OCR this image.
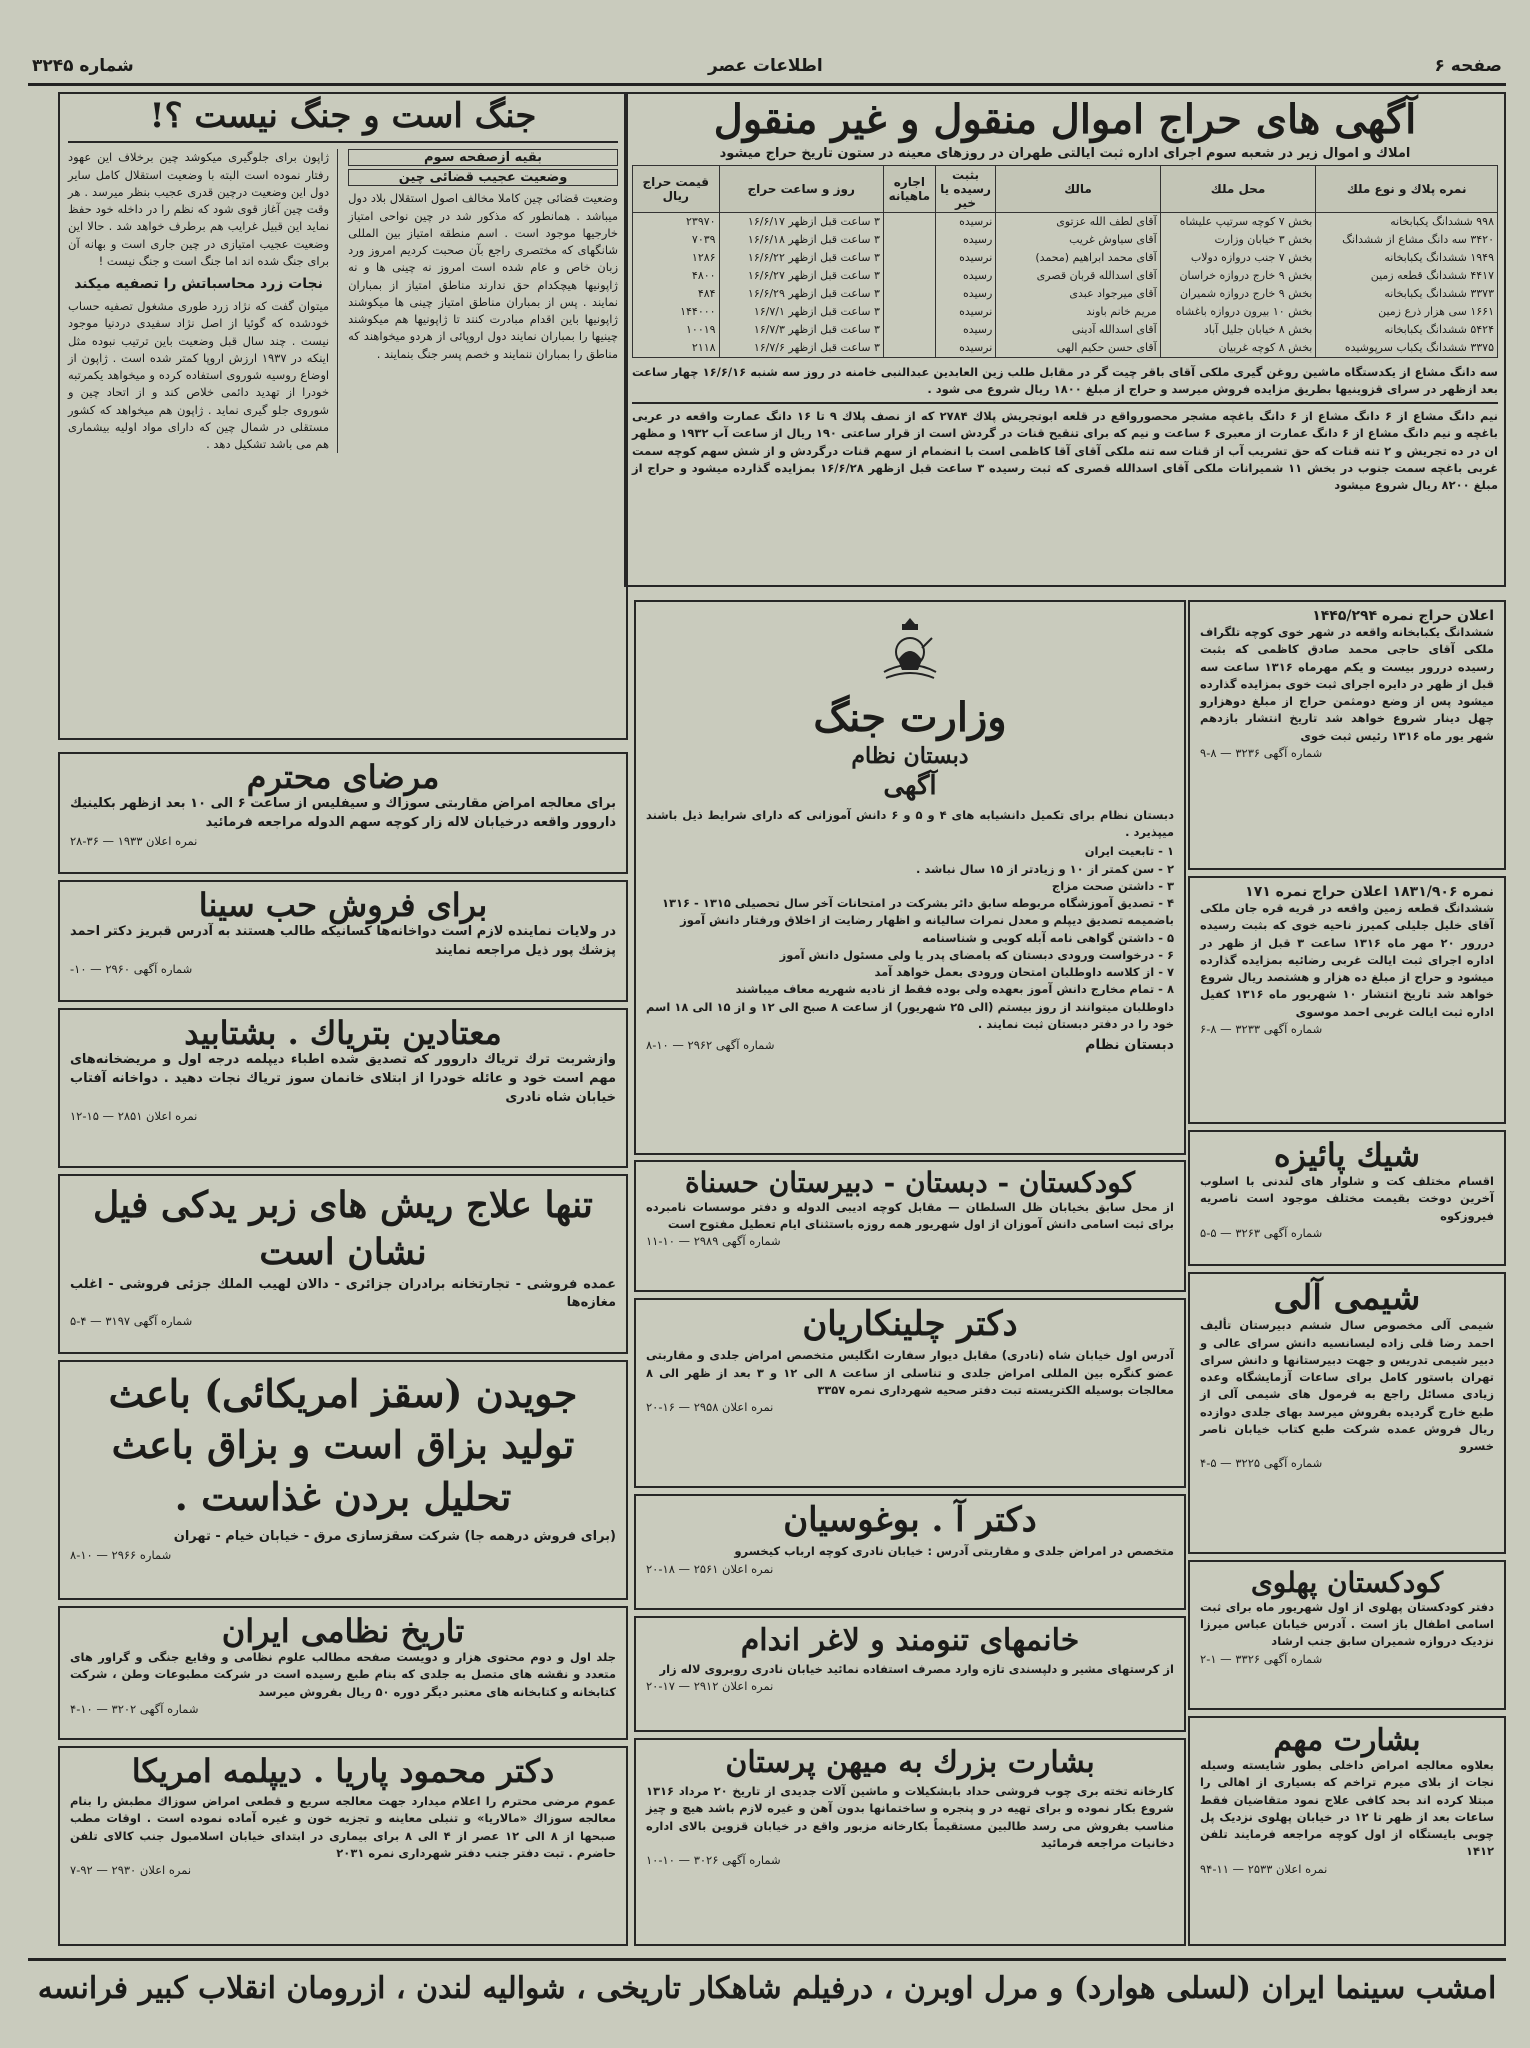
صفحه ۶
اطلاعات عصر
شماره ۳۲۴۵
آگهی های حراج اموال منقول و غیر منقول
املاك و اموال زیر در شعبه سوم اجرای اداره ثبت ایالتی طهران در روزهای معینه در ستون تاریخ حراج میشود
نمره پلاك و نوع ملك	محل ملك	مالك	بثبت رسیده یا خیر	اجاره ماهیانه	روز و ساعت حراج	قیمت حراج ریال
۹۹۸ ششدانگ یکبابخانه	بخش ۷ کوچه سرتیپ علیشاه	آقای لطف الله عزتوی	نرسیده		۳ ساعت قبل ازظهر ۱۶/۶/۱۷	۲۳۹۷۰
۳۴۲۰ سه دانگ مشاع از ششدانگ	بخش ۳ خیابان وزارت	آقای سیاوش غریب	رسیده		۳ ساعت قبل ازظهر ۱۶/۶/۱۸	۷۰۳۹
۱۹۴۹ ششدانگ یکبابخانه	بخش ۷ جنب دروازه دولاب	آقای محمد ابراهیم (محمد)	نرسیده		۳ ساعت قبل ازظهر ۱۶/۶/۲۲	۱۲۸۶
۴۴۱۷ ششدانگ قطعه زمین	بخش ۹ خارج دروازه خراسان	آقای اسدالله قربان قصری	رسیده		۳ ساعت قبل ازظهر ۱۶/۶/۲۷	۴۸۰۰
۳۳۷۳ ششدانگ یکبابخانه	بخش ۹ خارج دروازه شمیران	آقای میرجواد عبدی	رسیده		۳ ساعت قبل ازظهر ۱۶/۶/۲۹	۴۸۴
۱۶۶۱ سی هزار ذرع زمین	بخش ۱۰ بیرون دروازه باغشاه	مریم خانم باوند	نرسیده		۳ ساعت قبل ازظهر ۱۶/۷/۱	۱۴۴۰۰۰
۵۴۲۴ ششدانگ یکبابخانه	بخش ۸ خیابان جلیل آباد	آقای اسدالله آدینی	رسیده		۳ ساعت قبل ازظهر ۱۶/۷/۳	۱۰۰۱۹
۳۳۷۵ ششدانگ یکباب سرپوشیده	بخش ۸ کوچه غربیان	آقای حسن حکیم الهی	نرسیده		۳ ساعت قبل ازظهر ۱۶/۷/۶	۲۱۱۸
سه دانگ مشاع از یکدستگاه ماشین روغن گیری ملکی آقای باقر چیت گر در مقابل طلب زین العابدین عبدالنبی خامنه در روز سه شنبه ۱۶/۶/۱۶ چهار ساعت بعد ازظهر در سرای قزوینیها بطریق مزایده فروش میرسد و حراج از مبلغ ۱۸۰۰ ریال شروع می شود .
نیم دانگ مشاع از ۶ دانگ مشاع از ۶ دانگ باغچه مشجر محصورواقع در قلعه ابوتجریش پلاك ۲۷۸۴ که از نصف پلاك ۹ تا ۱۶ دانگ عمارت واقعه در عربی باغچه و نیم دانگ مشاع از ۶ دانگ عمارت از معبری ۶ ساعت و نیم که برای تنقیح قنات در گردش است از قرار ساعتی ۱۹۰ ریال از ساعت آب ۱۹۳۲ و مظهر ان در ده تجریش و ۲ تنه قنات که حق تشریب آب از قنات سه تنه ملکی آقای آقا کاظمی است با انضمام از سهم قنات درگردش و از شش سهم کوچه سمت غربی باغچه سمت جنوب در بخش ۱۱ شمیرانات ملکی آقای اسدالله قصری که ثبت رسیده ۳ ساعت قبل ازظهر ۱۶/۶/۲۸ بمزایده گذارده میشود و حراج از مبلغ ۸۲۰۰ ریال شروع میشود
جنگ است و جنگ نیست ؟!
بقیه ازصفحه سوم
وضعیت عجیب قضائی چین

وضعیت قضائی چین کاملا مخالف اصول استقلال بلاد دول میباشد . همانطور که مذکور شد در چین نواحی امتیاز خارجیها موجود است . اسم منطقه امتیاز بین المللی شانگهای که مختصری راجع بآن صحبت کردیم امروز ورد زبان خاص و عام شده است امروز نه چینی ها و نه ژاپونیها هیچکدام حق ندارند مناطق امتیاز از بمباران نمایند . پس از بمباران مناطق امتیاز چینی ها میکوشند ژاپونیها باین اقدام مبادرت کنند تا ژاپونیها هم میکوشند چینیها را بمباران نمایند دول اروپائی از هردو میخواهند که مناطق را بمباران ننمایند و خصم پسر جنگ بنمایند .

ژاپون برای جلوگیری میکوشد چین برخلاف این عهود رفتار نموده است البته با وضعیت استقلال کامل سایر دول این وضعیت درچین قدری عجیب بنظر میرسد . هر وقت چین آغاز قوی شود که نظم را در داخله خود حفظ نماید این قبیل غرایب هم برطرف خواهد شد . حالا این وضعیت عجیب امتیازی در چین جاری است و بهانه آن برای جنگ شده اند اما جنگ است و جنگ نیست !

نجات زرد محاسباتش را تصفیه میکند

میتوان گفت که نژاد زرد طوری مشغول تصفیه حساب خودشده که گوئیا از اصل نژاد سفیدی دردنیا موجود نیست . چند سال قبل وضعیت باین ترتیب نبوده مثل اینکه در ۱۹۳۷ ارزش اروپا کمتر شده است . ژاپون از اوضاع روسیه شوروی استفاده کرده و میخواهد یکمرتبه خودرا از تهدید دائمی خلاص کند و از اتحاد چین و شوروی جلو گیری نماید . ژاپون هم میخواهد که کشور مستقلی در شمال چین که دارای مواد اولیه بیشماری هم می باشد تشکیل دهد .

مرضای محترم

برای معالجه امراض مقاربتی سوزاك و سیفلیس از ساعت ۶ الی ۱۰ بعد ازظهر بکلینیك داروور واقعه درخیابان لاله زار کوچه سهم الدوله مراجعه فرمائید

نمره اعلان ۱۹۳۳ — ۳۶-۲۸

برای فروش حب سینا

در ولایات نماینده لازم است دواخانه‌ها کسانیکه طالب هستند به آدرس قبریز دکتر احمد پزشك پور ذیل مراجعه نمایند

شماره آگهی ۲۹۶۰ — ۱۰-

معتادین بتریاك . بشتابید

وازشربت ترك تریاك داروور که تصدیق شده اطباء دیپلمه درجه اول و مریضخانه‌های مهم است خود و عائله خودرا از ابتلای خانمان سوز تریاك نجات دهید . دواخانه آفتاب خیابان شاه نادری

نمره اعلان ۲۸۵۱ — ۱۵-۱۲

تنها علاج ریش های زبر یدکی فیل نشان است

عمده فروشی - تجارتخانه برادران جزائری - دالان لهیب الملك جزئی فروشی - اغلب مغازه‌ها

شماره آگهی ۳۱۹۷ — ۴-۵

جویدن (سقز امریکائی) باعث تولید بزاق است و بزاق باعث تحلیل بردن غذاست .

(برای فروش درهمه جا) شرکت سقزسازی مرق - خیابان خیام - تهران

شماره ۲۹۶۶ — ۱۰-۸

تاریخ نظامی ایران

جلد اول و دوم محتوی هزار و دویست صفحه مطالب علوم نظامی و وقایع جنگی و گراور های متعدد و نقشه های متصل به جلدی که بنام طبع رسیده است در شرکت مطبوعات وطن ، شرکت کتابخانه و کتابخانه های معتبر دیگر دوره ۵۰ ریال بفروش میرسد

شماره آگهی ۳۲۰۲ — ۱۰-۴

دکتر محمود پاریا . دیپلمه امریکا

عموم مرضی محترم را اعلام میدارد جهت معالجه سریع و قطعی امراض سوزاك مطبش را بنام معالجه سوزاك «مالاریا» و تنبلی معاینه و تجزیه خون و غیره آماده نموده است . اوقات مطب صبحها از ۸ الی ۱۲ عصر از ۴ الی ۸ برای بیماری در ابتدای خیابان اسلامبول جنب کالای تلفن حاضرم . تبت دفتر جنب دفتر شهرداری نمره ۲۰۳۱

نمره اعلان ۲۹۳۰ — ۹۲-۷

وزارت جنگ
دبستان نظام
آگهی

دبستان نظام برای تکمیل دانشیابه های ۴ و ۵ و ۶ دانش آموزانی که دارای شرایط ذیل باشند میپذیرد .

۱ - تابعیت ایران
۲ - سن کمتر از ۱۰ و زیادتر از ۱۵ سال نباشد .
۳ - داشتن صحت مزاج
۴ - تصدیق آموزشگاه مربوطه سابق دائر بشرکت در امتحانات آخر سال تحصیلی ۱۳۱۵ - ۱۳۱۶
باضمیمه تصدیق دیپلم و معدل نمرات سالیانه و اظهار رضایت از اخلاق ورفتار دانش آموز
۵ - داشتن گواهی نامه آبله کوبی و شناسنامه
۶ - درخواست ورودی دبستان که بامضای پدر یا ولی مسئول دانش آموز
۷ - از کلاسه داوطلبان امتحان ورودی بعمل خواهد آمد
۸ - تمام مخارج دانش آموز بعهده ولی بوده فقط از نادیه شهریه معاف میباشند
داوطلبان میتوانند از روز بیستم (الی ۲۵ شهریور) از ساعت ۸ صبح الی ۱۲ و از ۱۵ الی ۱۸ اسم خود را در دفتر دبستان ثبت نمایند .
دبستان نظام
شماره آگهی ۲۹۶۲ — ۱۰-۸
کودکستان - دبستان - دبیرستان حسناة

از محل سابق بخیابان ظل السلطان — مقابل کوچه ادیبی الدوله و دفتر موسسات نامبرده برای ثبت اسامی دانش آموزان از اول شهریور همه روزه باستثنای ایام تعطیل مفتوح است

شماره آگهی ۲۹۸۹ — ۱۰-۱۱

دکتر چلینکاریان

آدرس اول خیابان شاه (نادری) مقابل دیوار سفارت انگلیس متخصص امراض جلدی و مقاربتی عضو کنگره بین المللی امراض جلدی و تناسلی از ساعت ۸ الی ۱۲ و ۳ بعد از ظهر الی ۸ معالجات بوسیله الکتریسته تبت دفتر صحیه شهرداری نمره ۳۳۵۷

نمره اعلان ۲۹۵۸ — ۱۶-۲۰

دکتر آ . بوغوسیان

متخصص در امراض جلدی و مقاربتی آدرس : خیابان نادری کوچه ارباب کیخسرو

نمره اعلان ۲۵۶۱ — ۱۸-۲۰

خانمهای تنومند و لاغر اندام

از کرستهای مشیر و دلپسندی تازه وارد مصرف استفاده نمائید خیابان نادری روبروی لاله زار

نمره اعلان ۲۹۱۲ — ۱۷-۲۰

بشارت بزرك به میهن پرستان

کارخانه تخته بری چوب فروشی حداد بابشکیلات و ماشین آلات جدیدی از تاریخ ۲۰ مرداد ۱۳۱۶ شروع بکار نموده و برای تهیه در و پنجره و ساختمانها بدون آهن و غیره لازم باشد هیچ و چیز مناسب بفروش می رسد طالبین مستقیماً بکارخانه مزبور واقع در خیابان قزوین بالای اداره دخانیات مراجعه فرمائید

شماره آگهی ۳۰۲۶ — ۱۰-۱۰

اعلان حراج نمره ۱۴۴۵/۲۹۴

ششدانگ یکبابخانه واقعه در شهر خوی کوچه تلگراف ملکی آقای حاجی محمد صادق کاظمی که بثبت رسیده دررور بیست و یکم مهرماه ۱۳۱۶ ساعت سه قبل از ظهر در دایره اجرای ثبت خوی بمزایده گذارده میشود پس از وضع دومثمن حراج از مبلغ دوهزارو چهل دینار شروع خواهد شد تاریخ انتشار بازدهم شهر یور ماه ۱۳۱۶ رئیس ثبت خوی

شماره آگهی ۳۲۳۶ — ۸-۹

نمره ۱۸۳۱/۹۰۶ اعلان حراج نمره ۱۷۱

ششدانگ قطعه زمین واقعه در قریه قره جان ملکی آقای خلیل جلیلی کمیرز ناحیه خوی که بثبت رسیده دررور ۲۰ مهر ماه ۱۳۱۶ ساعت ۳ قبل از ظهر در اداره اجرای ثبت ایالت غربی رضائیه بمزایده گذارده میشود و حراج از مبلغ ده هزار و هشتصد ریال شروع خواهد شد تاریخ انتشار ۱۰ شهریور ماه ۱۳۱۶ کفیل اداره ثبت ایالت غربی احمد موسوی

شماره آگهی ۳۲۳۳ — ۸-۶

شیك پائیزه

اقسام مختلف کت و شلوار های لندنی با اسلوب آخرین دوخت بقیمت مختلف موجود است ناصریه فیروزکوه

شماره آگهی ۳۲۶۳ — ۵-۵

شیمی آلی

شیمی آلی مخصوص سال ششم دبیرستان تألیف احمد رضا قلی زاده لیسانسیه دانش سرای عالی و دبیر شیمی تدریس و جهت دبیرستانها و دانش سرای تهران باستور کامل برای ساعات آزمایشگاه وعده زیادی مسائل راجع به فرمول های شیمی آلی از طبع خارج گردیده بفروش میرسد بهای جلدی دوازده ریال فروش عمده شرکت طبع کتاب خیابان ناصر خسرو

شماره آگهی ۳۲۲۵ — ۵-۴

کودکستان پهلوی

دفتر کودکستان پهلوی از اول شهریور ماه برای ثبت اسامی اطفال باز است . آدرس خیابان عباس میرزا نزدیک دروازه شمیران سابق جنب ارشاد

شماره آگهی ۳۳۲۶ — ۱-۲

بشارت مهم

بعلاوه معالجه امراض داخلی بطور شایسته وسیله نجات از بلای میرم تراخم که بسیاری از اهالی را مبتلا کرده اند بحد کافی علاج نمود متقاضیان فقط ساعات بعد از ظهر تا ۱۲ در خیابان پهلوی نزدیک پل چوبی بایستگاه از اول کوچه مراجعه فرمایند تلفن ۱۴۱۲

نمره اعلان ۲۵۳۳ — ۱۱-۹۴

امشب سینما ایران (لسلی هوارد) و مرل اوبرن ، درفیلم شاهکار تاریخی ، شوالیه لندن ، ازرومان انقلاب کبیر فرانسه
